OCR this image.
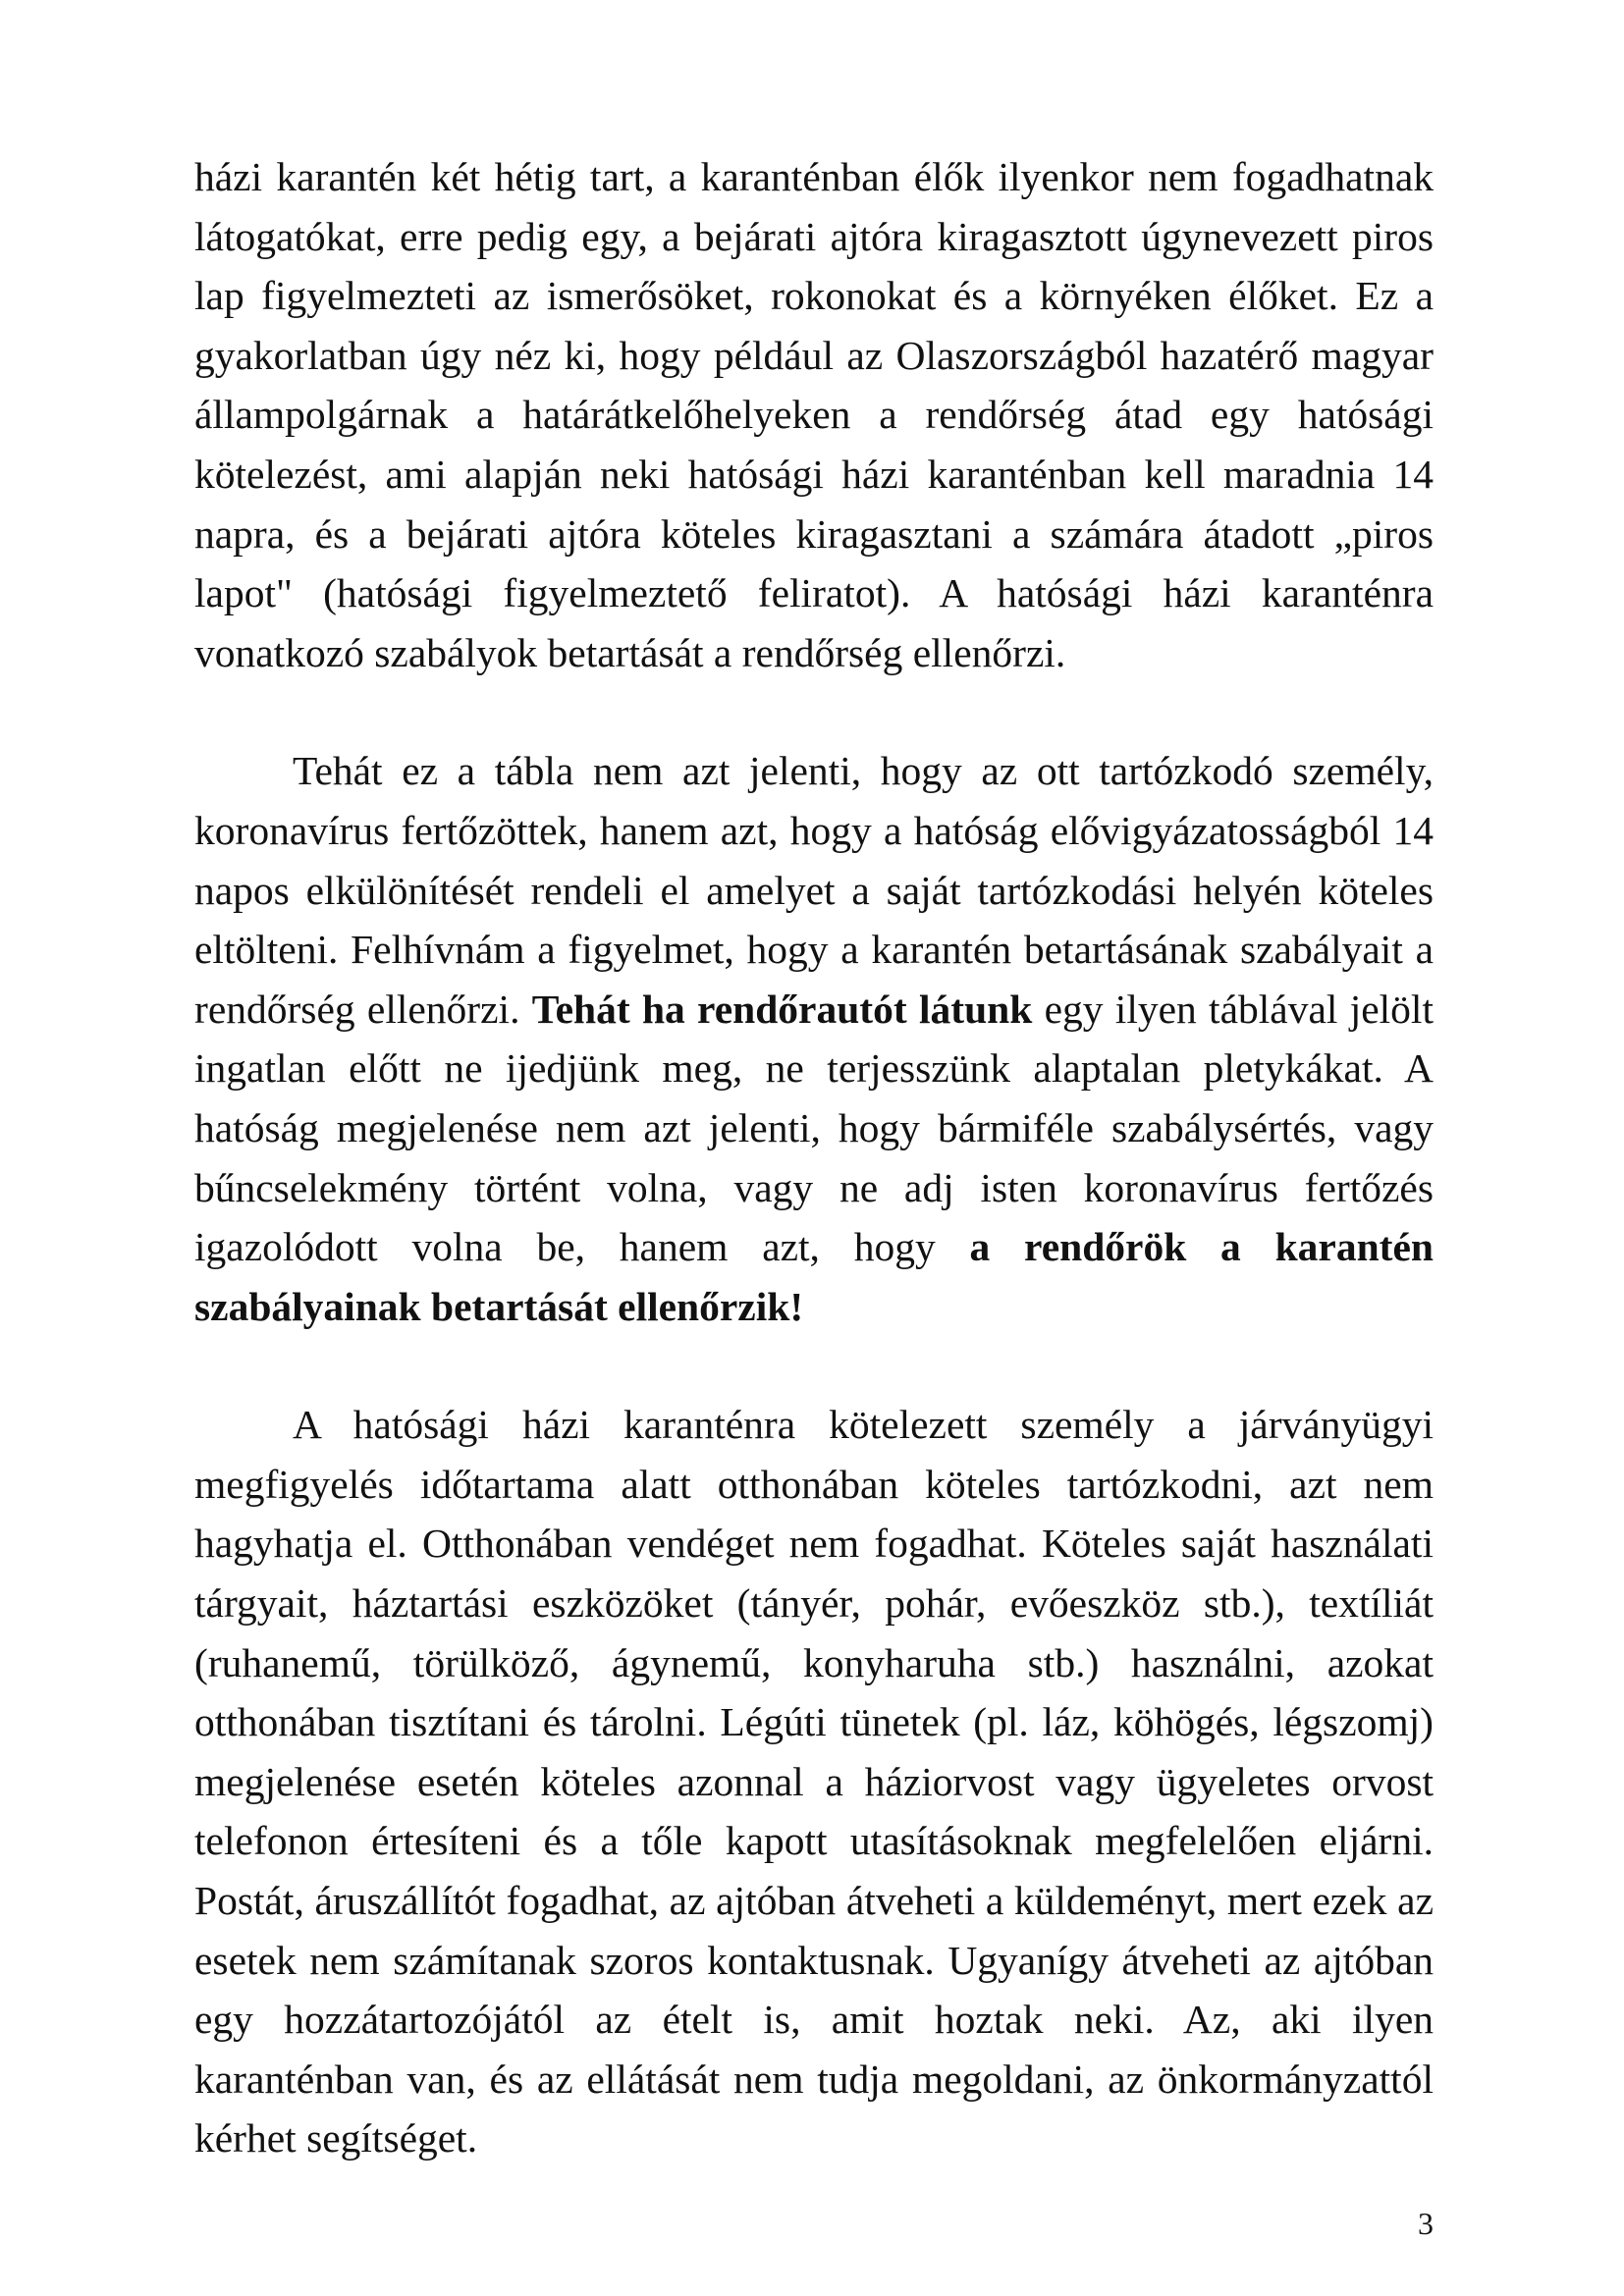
házi karantén két hétig tart, a karanténban élők ilyenkor nem fogadhatnak látogatókat, erre pedig egy, a bejárati ajtóra kiragasztott úgynevezett piros lap figyelmezteti az ismerősöket, rokonokat és a környéken élőket. Ez a gyakorlatban úgy néz ki, hogy például az Olaszországból hazatérő magyar állampolgárnak a határátkelőhelyeken a rendőrség átad egy hatósági kötelezést, ami alapján neki hatósági házi karanténban kell maradnia 14 napra, és a bejárati ajtóra köteles kiragasztani a számára átadott „piros lapot" (hatósági figyelmeztető feliratot). A hatósági házi karanténra vonatkozó szabályok betartását a rendőrség ellenőrzi.

Tehát ez a tábla nem azt jelenti, hogy az ott tartózkodó személy, koronavírus fertőzöttek, hanem azt, hogy a hatóság elővigyázatosságból 14 napos elkülönítését rendeli el amelyet a saját tartózkodási helyén köteles eltölteni. Felhívnám a figyelmet, hogy a karantén betartásának szabályait a rendőrség ellenőrzi. Tehát ha rendőrautót látunk egy ilyen táblával jelölt ingatlan előtt ne ijedjünk meg, ne terjesszünk alaptalan pletykákat. A hatóság megjelenése nem azt jelenti, hogy bármiféle szabálysértés, vagy bűncselekmény történt volna, vagy ne adj isten koronavírus fertőzés igazolódott volna be, hanem azt, hogy a rendőrök a karantén szabályainak betartását ellenőrzik!

A hatósági házi karanténra kötelezett személy a járványügyi megfigyelés időtartama alatt otthonában köteles tartózkodni, azt nem hagyhatja el. Otthonában vendéget nem fogadhat. Köteles saját használati tárgyait, háztartási eszközöket (tányér, pohár, evőeszköz stb.), textíliát (ruhanemű, törülköző, ágynemű, konyharuha stb.) használni, azokat otthonában tisztítani és tárolni. Légúti tünetek (pl. láz, köhögés, légszomj) megjelenése esetén köteles azonnal a háziorvost vagy ügyeletes orvost telefonon értesíteni és a tőle kapott utasításoknak megfelelően eljárni. Postát, áruszállítót fogadhat, az ajtóban átveheti a küldeményt, mert ezek az esetek nem számítanak szoros kontaktusnak. Ugyanígy átveheti az ajtóban egy hozzátartozójától az ételt is, amit hoztak neki. Az, aki ilyen karanténban van, és az ellátását nem tudja megoldani, az önkormányzattól kérhet segítséget.

3
